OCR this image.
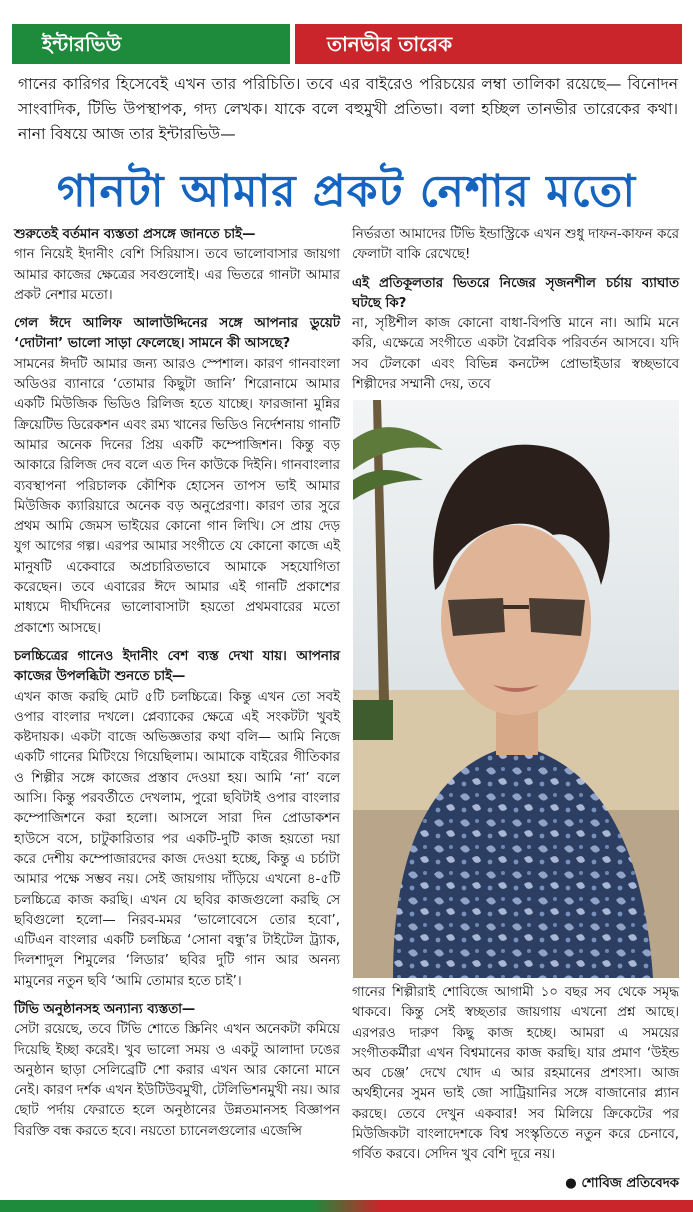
ইন্টারভিউ	তানভীর তারেক
গানের কারিগর হিসেবেই এখন তার পরিচিতি। তবে এর বাইরেও পরিচয়ের লম্বা তালিকা রয়েছে— বিনোদন সাংবাদিক, টিভি উপস্থাপক, গদ্য লেখক। যাকে বলে বহুমুখী প্রতিভা। বলা হচ্ছিল তানভীর তারেকের কথা। নানা বিষয়ে আজ তার ইন্টারভিউ—
গানটা আমার প্রকট নেশার মতো

শুরুতেই বর্তমান ব্যস্ততা প্রসঙ্গে জানতে চাই—

গান নিয়েই ইদানীং বেশি সিরিয়াস। তবে ভালোবাসার জায়গা আমার কাজের ক্ষেত্রের সবগুলোই। এর ভিতরে গানটা আমার প্রকট নেশার মতো।

গেল ঈদে আলিফ আলাউদ্দিনের সঙ্গে আপনার ডুয়েট ‘দোটানা’ ভালো সাড়া ফেলেছে। সামনে কী আসছে?

সামনের ঈদটি আমার জন্য আরও স্পেশাল। কারণ গানবাংলা অডিওর ব্যানারে ‘তোমার কিছুটা জানি’ শিরোনামে আমার একটি মিউজিক ভিডিও রিলিজ হতে যাচ্ছে। ফারজানা মুন্নির ক্রিয়েটিভ ডিরেকশন এবং রম্য খানের ভিডিও নির্দেশনায় গানটি আমার অনেক দিনের প্রিয় একটি কম্পোজিশন। কিন্তু বড় আকারে রিলিজ দেব বলে এত দিন কাউকে দিইনি। গানবাংলার ব্যবস্থাপনা পরিচালক কৌশিক হোসেন তাপস ভাই আমার মিউজিক ক্যারিয়ারে অনেক বড় অনুপ্রেরণা। কারণ তার সুরে প্রথম আমি জেমস ভাইয়ের কোনো গান লিখি। সে প্রায় দেড় যুগ আগের গল্প। এরপর আমার সংগীতে যে কোনো কাজে এই মানুষটি একেবারে অপ্রচারিতভাবে আমাকে সহযোগিতা করেছেন। তবে এবারের ঈদে আমার এই গানটি প্রকাশের মাধ্যমে দীর্ঘদিনের ভালোবাসাটা হয়তো প্রথমবারের মতো প্রকাশ্যে আসছে।

চলচ্চিত্রের গানেও ইদানীং বেশ ব্যস্ত দেখা যায়। আপনার কাজের উপলব্ধিটা শুনতে চাই—

এখন কাজ করছি মোট ৫টি চলচ্চিত্রে। কিন্তু এখন তো সবই ওপার বাংলার দখলে। প্লেব্যাকের ক্ষেত্রে এই সংকটটা খুবই কষ্টদায়ক। একটা বাজে অভিজ্ঞতার কথা বলি— আমি নিজে একটি গানের মিটিংয়ে গিয়েছিলাম। আমাকে বাইরের গীতিকার ও শিল্পীর সঙ্গে কাজের প্রস্তাব দেওয়া হয়। আমি ‘না’ বলে আসি। কিন্তু পরবর্তীতে দেখলাম, পুরো ছবিটাই ওপার বাংলার কম্পোজিশনে করা হলো। আসলে সারা দিন প্রোডাকশন হাউসে বসে, চাটুকারিতার পর একটি-দুটি কাজ হয়তো দয়া করে দেশীয় কম্পোজারদের কাজ দেওয়া হচ্ছে, কিন্তু এ চর্চাটা আমার পক্ষে সম্ভব নয়। সেই জায়গায় দাঁড়িয়ে এখনো ৪-৫টি চলচ্চিত্রে কাজ করছি। এখন যে ছবির কাজগুলো করছি সে ছবিগুলো হলো— নিরব-মমর ‘ভালোবেসে তোর হবো’, এটিএন বাংলার একটি চলচ্চিত্র ‘সোনা বন্ধু’র টাইটেল ট্র্যাক, দিলশাদুল শিমুলের ‘লিডার’ ছবির দুটি গান আর অনন্য মামুনের নতুন ছবি ‘আমি তোমার হতে চাই’।

টিভি অনুষ্ঠানসহ অন্যান্য ব্যস্ততা—

সেটা রয়েছে, তবে টিভি শোতে স্ক্রিনিং এখন অনেকটা কমিয়ে দিয়েছি ইচ্ছা করেই। খুব ভালো সময় ও একটু আলাদা ঢঙের অনুষ্ঠান ছাড়া সেলিব্রেটি শো করার এখন আর কোনো মানে নেই। কারণ দর্শক এখন ইউটিউবমুখী, টেলিভিশনমুখী নয়। আর ছোট পর্দায় ফেরাতে হলে অনুষ্ঠানের উন্নতমানসহ বিজ্ঞাপন বিরক্তি বন্ধ করতে হবে। নয়তো চ্যানেলগুলোর এজেন্সি

নির্ভরতা আমাদের টিভি ইন্ডাস্ট্রিকে এখন শুধু দাফন-কাফন করে ফেলাটা বাকি রেখেছে!

এই প্রতিকূলতার ভিতরে নিজের সৃজনশীল চর্চায় ব্যাঘাত ঘটছে কি?

না, সৃষ্টিশীল কাজ কোনো বাধা-বিপত্তি মানে না। আমি মনে করি, এক্ষেত্রে সংগীতে একটা বৈপ্লবিক পরিবর্তন আসবে। যদি সব টেলকো এবং বিভিন্ন কনটেন্স প্রোভাইডার স্বচ্ছভাবে শিল্পীদের সম্মানী দেয়, তবে

গানের শিল্পীরাই শোবিজে আগামী ১০ বছর সব থেকে সমৃদ্ধ থাকবে। কিন্তু সেই স্বচ্ছতার জায়গায় এখনো প্রশ্ন আছে। এরপরও দারুণ কিছু কাজ হচ্ছে। আমরা এ সময়ের সংগীতকর্মীরা এখন বিশ্বমানের কাজ করছি। যার প্রমাণ ‘উইন্ড অব চেঞ্জ’ দেখে খোদ এ আর রহমানের প্রশংসা। আজ অর্থহীনের সুমন ভাই জো সাট্রিয়ানির সঙ্গে বাজানোর প্ল্যান করছে। তেবে দেখুন একবার! সব মিলিয়ে ক্রিকেটের পর মিউজিকটা বাংলাদেশকে বিশ্ব সংস্কৃতিতে নতুন করে চেনাবে, গর্বিত করবে। সেদিন খুব বেশি দূরে নয়।

● শোবিজ প্রতিবেদক
